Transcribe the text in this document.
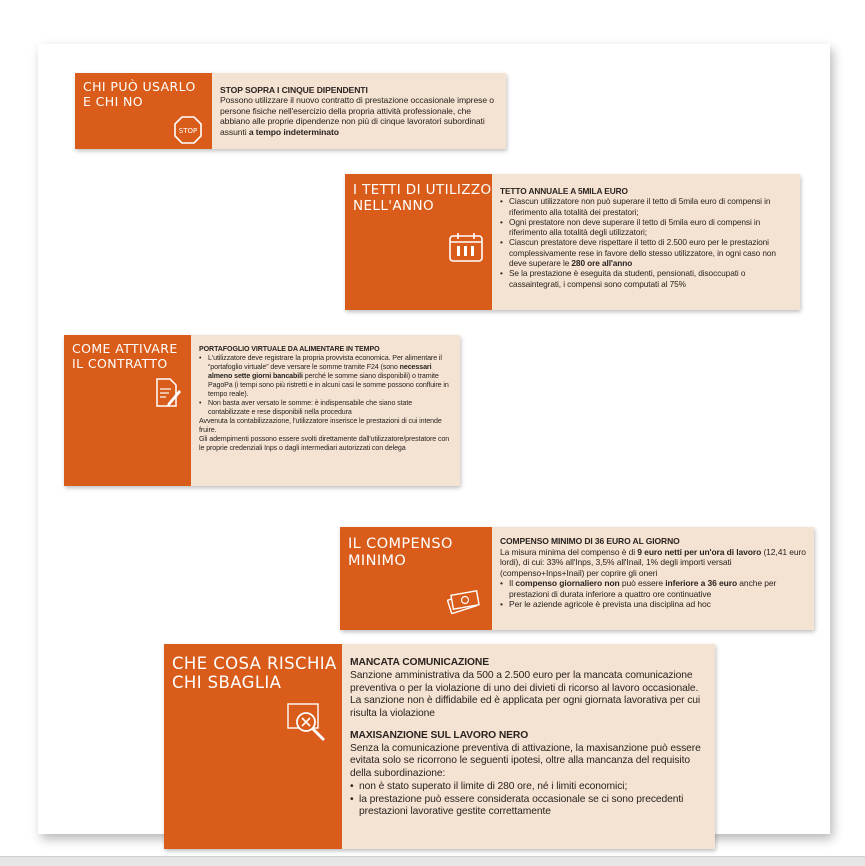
CHI PUÒ USARLO
E CHI NO
STOP
STOP SOPRA I CINQUE DIPENDENTI

Possono utilizzare il nuovo contratto di prestazione occasionale imprese o persone fisiche nell'esercizio della propria attività professionale, che abbiano alle proprie dipendenze non più di cinque lavoratori subordinati assunti a tempo indeterminato

I TETTI DI UTILIZZO
NELL'ANNO
TETTO ANNUALE A 5MILA EURO
• Ciascun utilizzatore non può superare il tetto di 5mila euro di compensi in riferimento alla totalità dei prestatori;
• Ogni prestatore non deve superare il tetto di 5mila euro di compensi in riferimento alla totalità degli utilizzatori;
• Ciascun prestatore deve rispettare il tetto di 2.500 euro per le prestazioni complessivamente rese in favore dello stesso utilizzatore, in ogni caso non deve superare le 280 ore all'anno
• Se la prestazione è eseguita da studenti, pensionati, disoccupati o cassaintegrati, i compensi sono computati al 75%
COME ATTIVARE
IL CONTRATTO
PORTAFOGLIO VIRTUALE DA ALIMENTARE IN TEMPO
• L'utilizzatore deve registrare la propria provvista economica. Per alimentare il “portafoglio virtuale” deve versare le somme tramite F24 (sono necessari almeno sette giorni bancabili perché le somme siano disponibili) o tramite PagoPa (i tempi sono più ristretti e in alcuni casi le somme possono confluire in tempo reale).
• Non basta aver versato le somme: è indispensabile che siano state contabilizzate e rese disponibili nella procedura

Avvenuta la contabilizzazione, l'utilizzatore inserisce le prestazioni di cui intende fruire.

Gli adempimenti possono essere svolti direttamente dall'utilizzatore/prestatore con le proprie credenziali Inps o dagli intermediari autorizzati con delega

IL COMPENSO
MINIMO
COMPENSO MINIMO DI 36 EURO AL GIORNO

La misura minima del compenso è di 9 euro netti per un'ora di lavoro (12,41 euro lordi), di cui: 33% all'Inps, 3,5% all'Inail, 1% degli importi versati (compenso+Inps+Inail) per coprire gli oneri

• Il compenso giornaliero non può essere inferiore a 36 euro anche per prestazioni di durata inferiore a quattro ore continuative
• Per le aziende agricole è prevista una disciplina ad hoc
CHE COSA RISCHIA
CHI SBAGLIA
MANCATA COMUNICAZIONE

Sanzione amministrativa da 500 a 2.500 euro per la mancata comunicazione preventiva o per la violazione di uno dei divieti di ricorso al lavoro occasionale. La sanzione non è diffidabile ed è applicata per ogni giornata lavorativa per cui risulta la violazione

MAXISANZIONE SUL LAVORO NERO

Senza la comunicazione preventiva di attivazione, la maxisanzione può essere evitata solo se ricorrono le seguenti ipotesi, oltre alla mancanza del requisito della subordinazione:

• non è stato superato il limite di 280 ore, né i limiti economici;
• la prestazione può essere considerata occasionale se ci sono precedenti prestazioni lavorative gestite correttamente
